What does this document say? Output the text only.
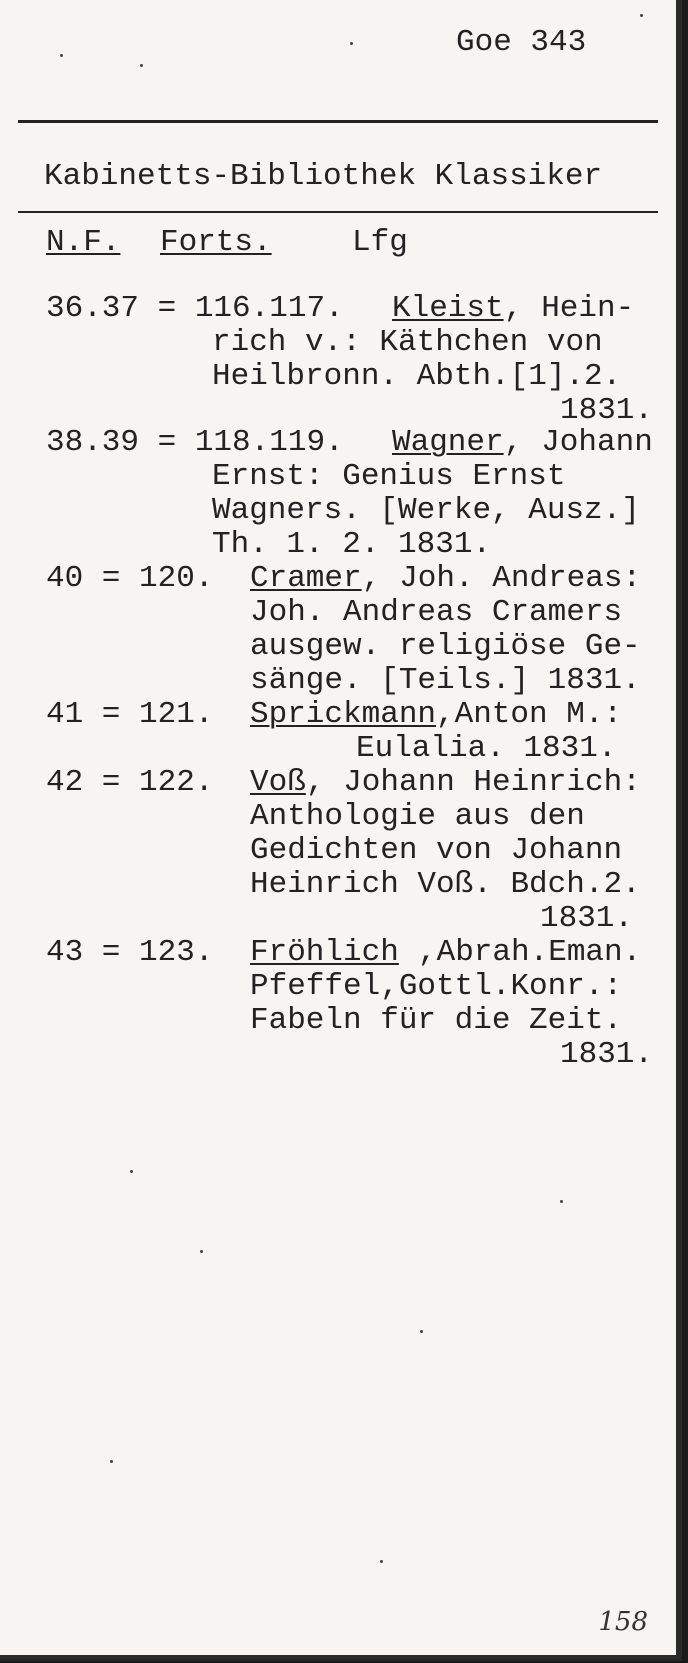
Goe 343
Kabinetts-Bibliothek Klassiker
N.F. Forts.	Lfg
36.37 = 116.117. Kleist , Hein-
rich v.: Käthchen von
Heilbronn. Abth.[1].2.
1831.
38.39 = 118.119. Wagner , Johann
Ernst: Genius Ernst
Wagners. [Werke, Ausz.]
Th. 1. 2. 1831.
40 = 120. Cramer , Joh. Andreas:
Joh. Andreas Cramers
ausgew. religiöse Ge-
sänge. [Teils.] 1831.
41 = 121. Sprickmann ,Anton M.:
Eulalia. 1831.
42 = 122. Voß , Johann Heinrich:
Anthologie aus den
Gedichten von Johann
Heinrich Voß. Bdch.2.
1831.
43 = 123. Fröhlich ,Abrah.Eman.
Pfeffel,Gottl.Konr.:
Fabeln für die Zeit.
1831.
158
